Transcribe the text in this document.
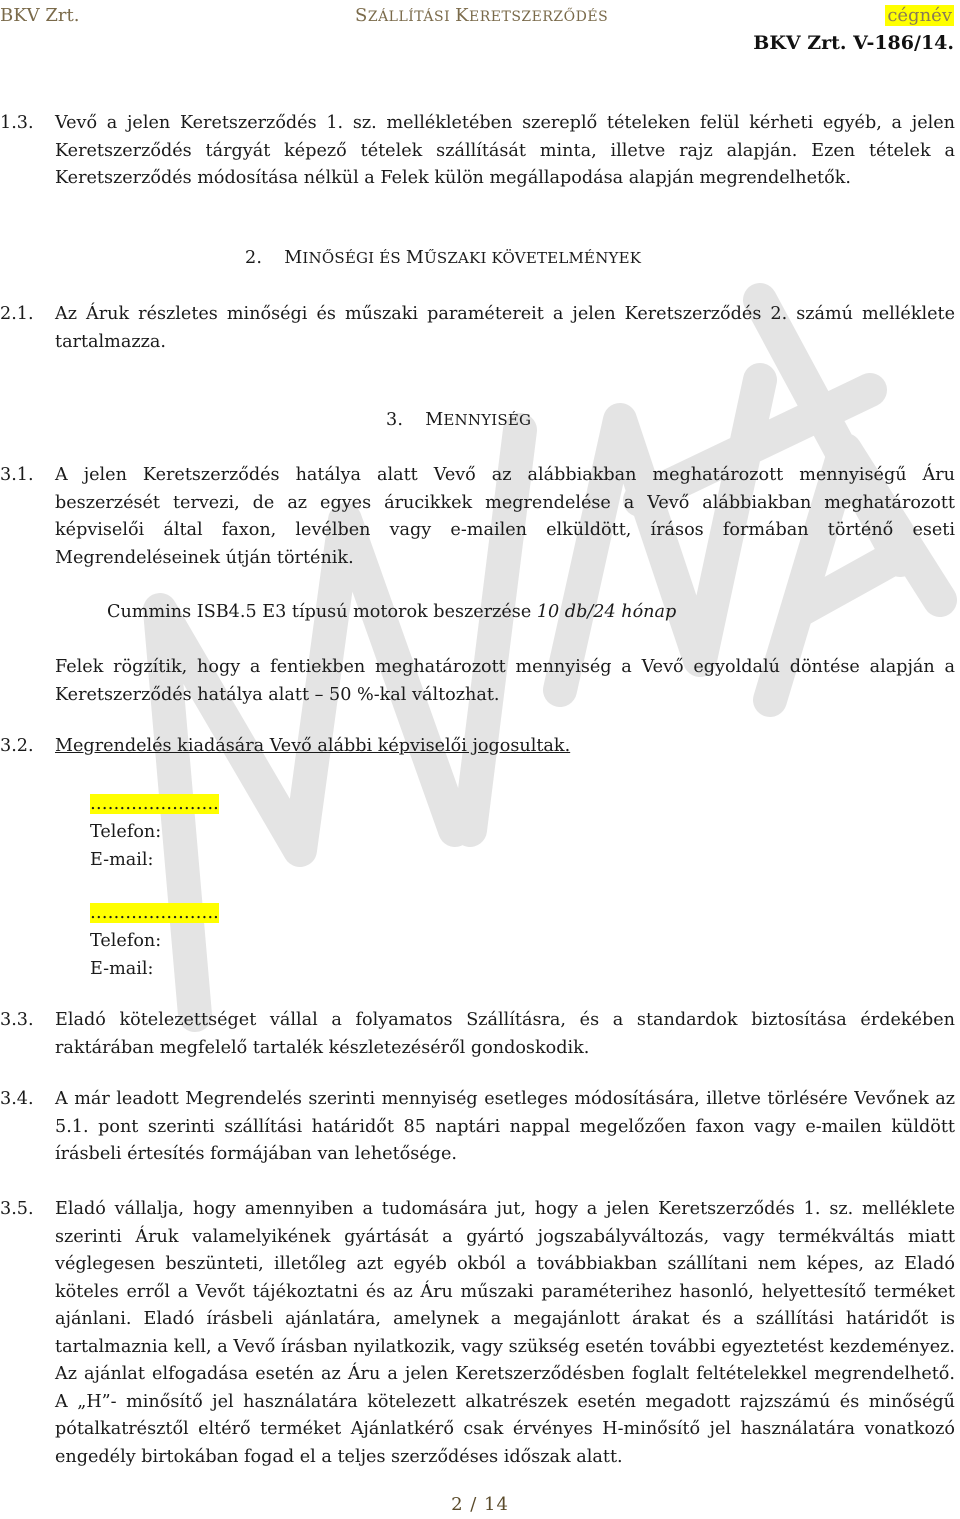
BKV Zrt.	SZÁLLÍTÁSI KERETSZERZŐDÉS	cégnév
BKV Zrt. V-186/14.
1.3.	Vevő a jelen Keretszerződés 1. sz. mellékletében szereplő tételeken felül kérheti egyéb, a jelen Keretszerződés tárgyát képező tételek szállítását minta, illetve rajz alapján. Ezen tételek a Keretszerződés módosítása nélkül a Felek külön megállapodása alapján megrendelhetők.
2. MINŐSÉGI ÉS MŰSZAKI KÖVETELMÉNYEK
2.1.	Az Áruk részletes minőségi és műszaki paramétereit a jelen Keretszerződés 2. számú melléklete tartalmazza.
3. MENNYISÉG
3.1.	A jelen Keretszerződés hatálya alatt Vevő az alábbiakban meghatározott mennyiségű Áru beszerzését tervezi, de az egyes árucikkek megrendelése a Vevő alábbiakban meghatározott képviselői által faxon, levélben vagy e-mailen elküldött, írásos formában történő eseti Megrendeléseinek útján történik.
Cummins ISB4.5 E3 típusú motorok beszerzése 10 db/24 hónap
Felek rögzítik, hogy a fentiekben meghatározott mennyiség a Vevő egyoldalú döntése alapján a Keretszerződés hatálya alatt – 50 %-kal változhat.
3.2.	Megrendelés kiadására Vevő alábbi képviselői jogosultak.
………………….
Telefon:
E-mail:
………………….
Telefon:
E-mail:
3.3.	Eladó kötelezettséget vállal a folyamatos Szállításra, és a standardok biztosítása érdekében raktárában megfelelő tartalék készletezéséről gondoskodik.
3.4.	A már leadott Megrendelés szerinti mennyiség esetleges módosítására, illetve törlésére Vevőnek az 5.1. pont szerinti szállítási határidőt 85 naptári nappal megelőzően faxon vagy e-mailen küldött írásbeli értesítés formájában van lehetősége.
3.5.	Eladó vállalja, hogy amennyiben a tudomására jut, hogy a jelen Keretszerződés 1. sz. melléklete szerinti Áruk valamelyikének gyártását a gyártó jogszabályváltozás, vagy termékváltás miatt véglegesen beszünteti, illetőleg azt egyéb okból a továbbiakban szállítani nem képes, az Eladó köteles erről a Vevőt tájékoztatni és az Áru műszaki paraméterihez hasonló, helyettesítő terméket ajánlani. Eladó írásbeli ajánlatára, amelynek a megajánlott árakat és a szállítási határidőt is tartalmaznia kell, a Vevő írásban nyilatkozik, vagy szükség esetén további egyeztetést kezdeményez. Az ajánlat elfogadása esetén az Áru a jelen Keretszerződésben foglalt feltételekkel megrendelhető. A „H”- minősítő jel használatára kötelezett alkatrészek esetén megadott rajzszámú és minőségű pótalkatrésztől eltérő terméket Ajánlatkérő csak érvényes H-minősítő jel használatára vonatkozó engedély birtokában fogad el a teljes szerződéses időszak alatt.
2 / 14
